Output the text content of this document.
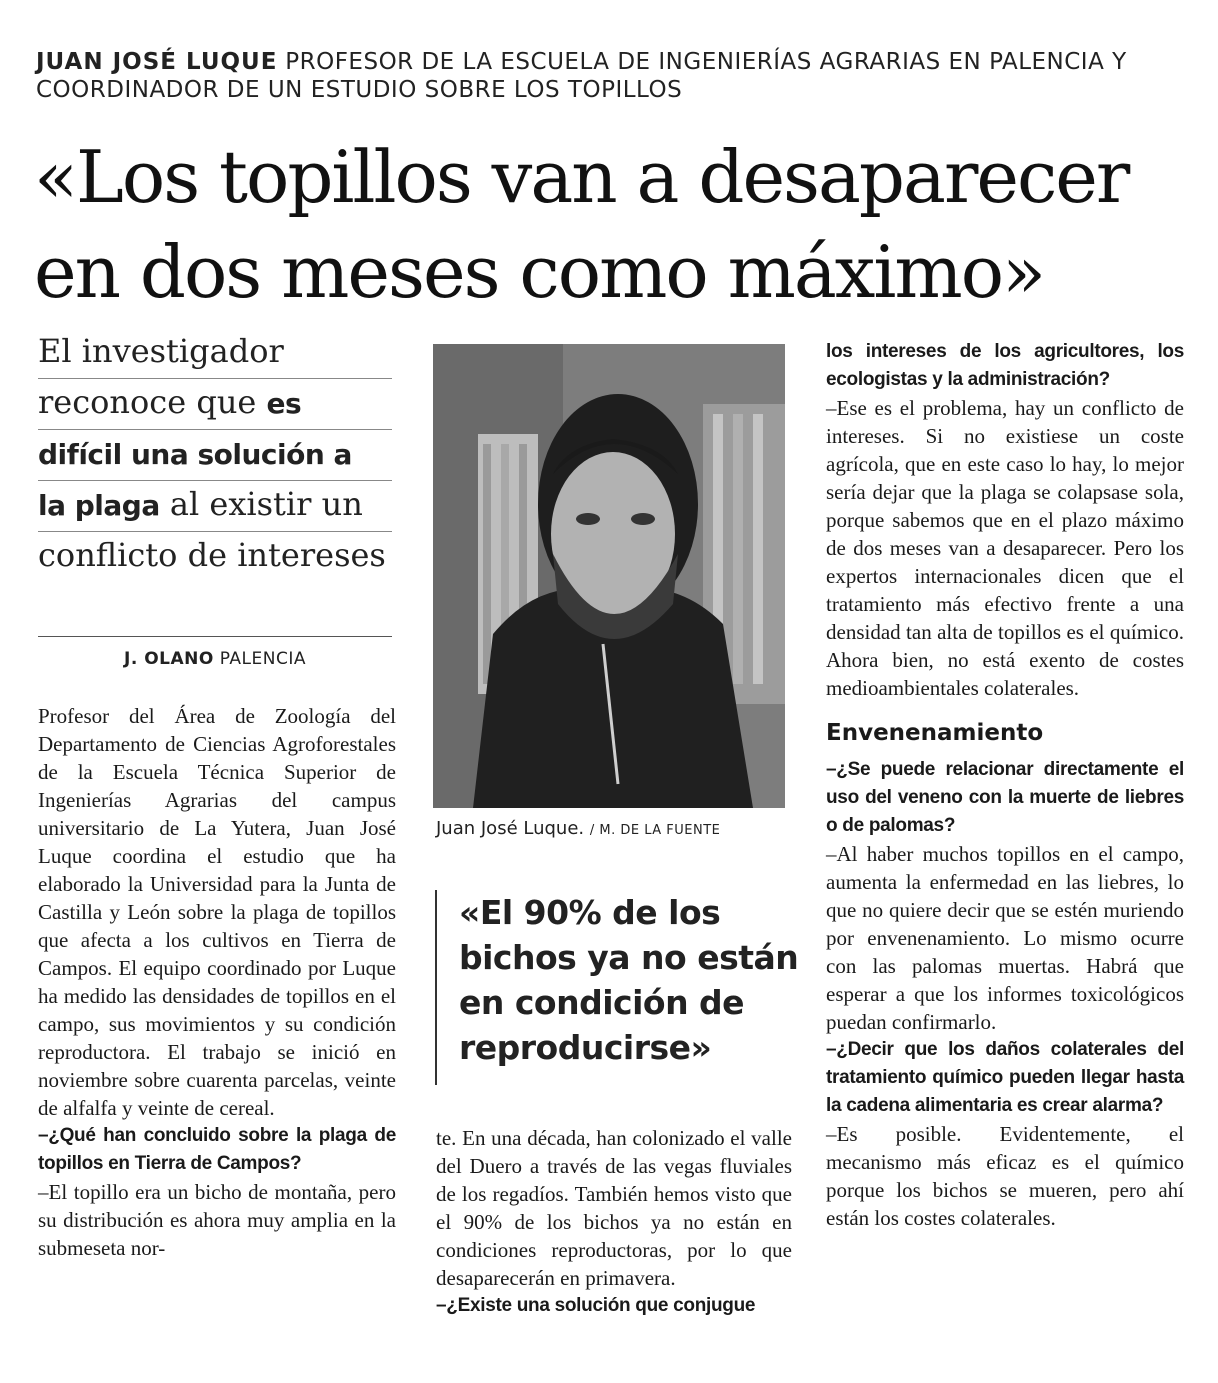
JUAN JOSÉ LUQUE PROFESOR DE LA ESCUELA DE INGENIERÍAS AGRARIAS EN PALENCIA Y COORDINADOR DE UN ESTUDIO SOBRE LOS TOPILLOS
«Los topillos van a desaparecer
en dos meses como máximo»
El investigador
reconoce que es
difícil una solución a
la plaga al existir un
conflicto de intereses
J. OLANO PALENCIA

Profesor del Área de Zoología del Departamento de Ciencias Agroforestales de la Escuela Técnica Superior de Ingenierías Agrarias del campus universitario de La Yutera, Juan José Luque coordina el estudio que ha elaborado la Universidad para la Junta de Castilla y León sobre la plaga de topillos que afecta a los cultivos en Tierra de Campos. El equipo coordinado por Luque ha medido las densidades de topillos en el campo, sus movimientos y su condición reproductora. El trabajo se inició en noviembre sobre cuarenta parcelas, veinte de alfalfa y veinte de cereal.

–¿Qué han concluido sobre la plaga de topillos en Tierra de Campos?

–El topillo era un bicho de montaña, pero su distribución es ahora muy amplia en la submeseta nor-

Juan José Luque. / M. DE LA FUENTE
«El 90% de los
bichos ya no están
en condición de
reproducirse»

te. En una década, han colonizado el valle del Duero a través de las vegas fluviales de los regadíos. También hemos visto que el 90% de los bichos ya no están en condiciones reproductoras, por lo que desaparecerán en primavera.

–¿Existe una solución que conjugue

los intereses de los agricultores, los ecologistas y la administración?

–Ese es el problema, hay un conflicto de intereses. Si no existiese un coste agrícola, que en este caso lo hay, lo mejor sería dejar que la plaga se colapsase sola, porque sabemos que en el plazo máximo de dos meses van a desaparecer. Pero los expertos internacionales dicen que el tratamiento más efectivo frente a una densidad tan alta de topillos es el químico. Ahora bien, no está exento de costes medioambientales colaterales.

Envenenamiento

–¿Se puede relacionar directamente el uso del veneno con la muerte de liebres o de palomas?

–Al haber muchos topillos en el campo, aumenta la enfermedad en las liebres, lo que no quiere decir que se estén muriendo por envenenamiento. Lo mismo ocurre con las palomas muertas. Habrá que esperar a que los informes toxicológicos puedan confirmarlo.

–¿Decir que los daños colaterales del tratamiento químico pueden llegar hasta la cadena alimentaria es crear alarma?

–Es posible. Evidentemente, el mecanismo más eficaz es el químico porque los bichos se mueren, pero ahí están los costes colaterales.
